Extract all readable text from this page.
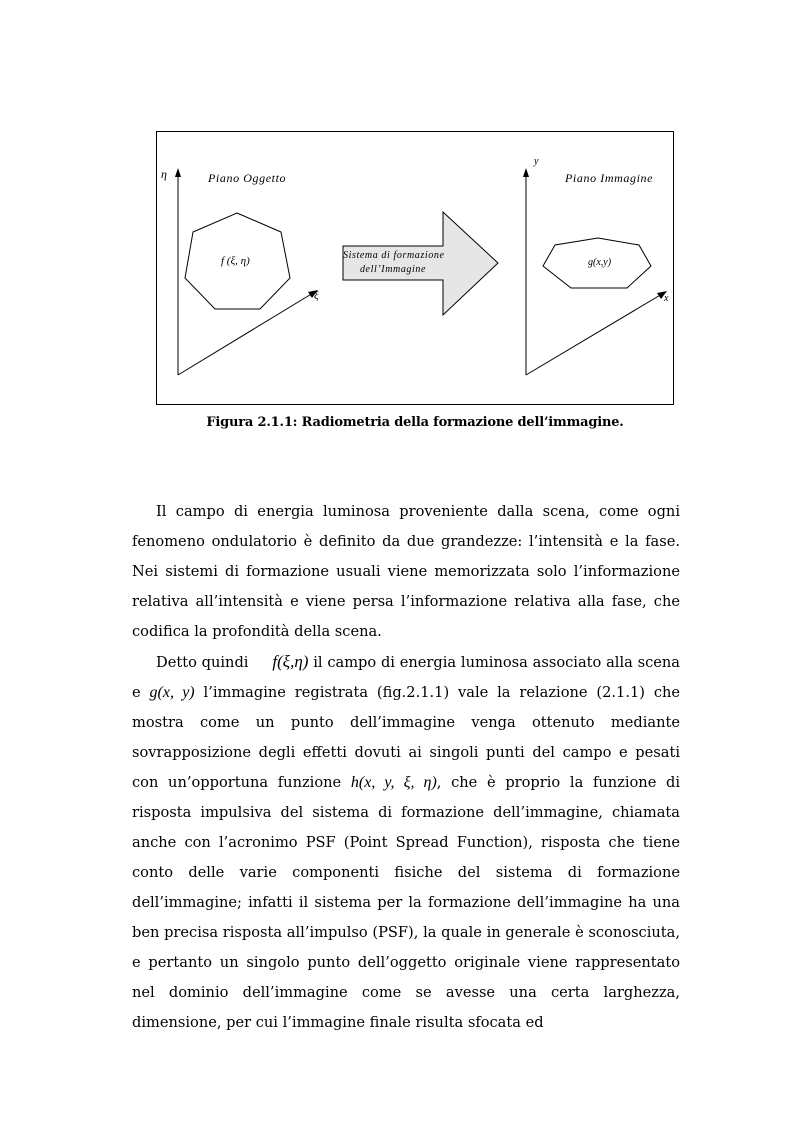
η
ξ
Piano Oggetto
f (ξ, η)	Sistema di formazione
dell’Immagine
y
x
Piano Immagine
g(x,y)
Figura 2.1.1: Radiometria della formazione dell’immagine.

Il campo di energia luminosa proveniente dalla scena, come ogni fenomeno ondulatorio è definito da due grandezze: l’intensità e la fase. Nei sistemi di formazione usuali viene memorizzata solo l’informazione relativa all’intensità e viene persa l’informazione relativa alla fase, che codifica la profondità della scena.

Detto quindi f(ξ,η) il campo di energia luminosa associato alla scena e g(x, y) l’immagine registrata (fig.2.1.1) vale la relazione (2.1.1) che mostra come un punto dell’immagine venga ottenuto mediante sovrapposizione degli effetti dovuti ai singoli punti del campo e pesati con un’opportuna funzione h(x, y, ξ, η), che è proprio la funzione di risposta impulsiva del sistema di formazione dell’immagine, chiamata anche con l’acronimo PSF (Point Spread Function), risposta che tiene conto delle varie componenti fisiche del sistema di formazione dell’immagine; infatti il sistema per la formazione dell’immagine ha una ben precisa risposta all’impulso (PSF), la quale in generale è sconosciuta, e pertanto un singolo punto dell’oggetto originale viene rappresentato nel dominio dell’immagine come se avesse una certa larghezza, dimensione, per cui l’immagine finale risulta sfocata ed
